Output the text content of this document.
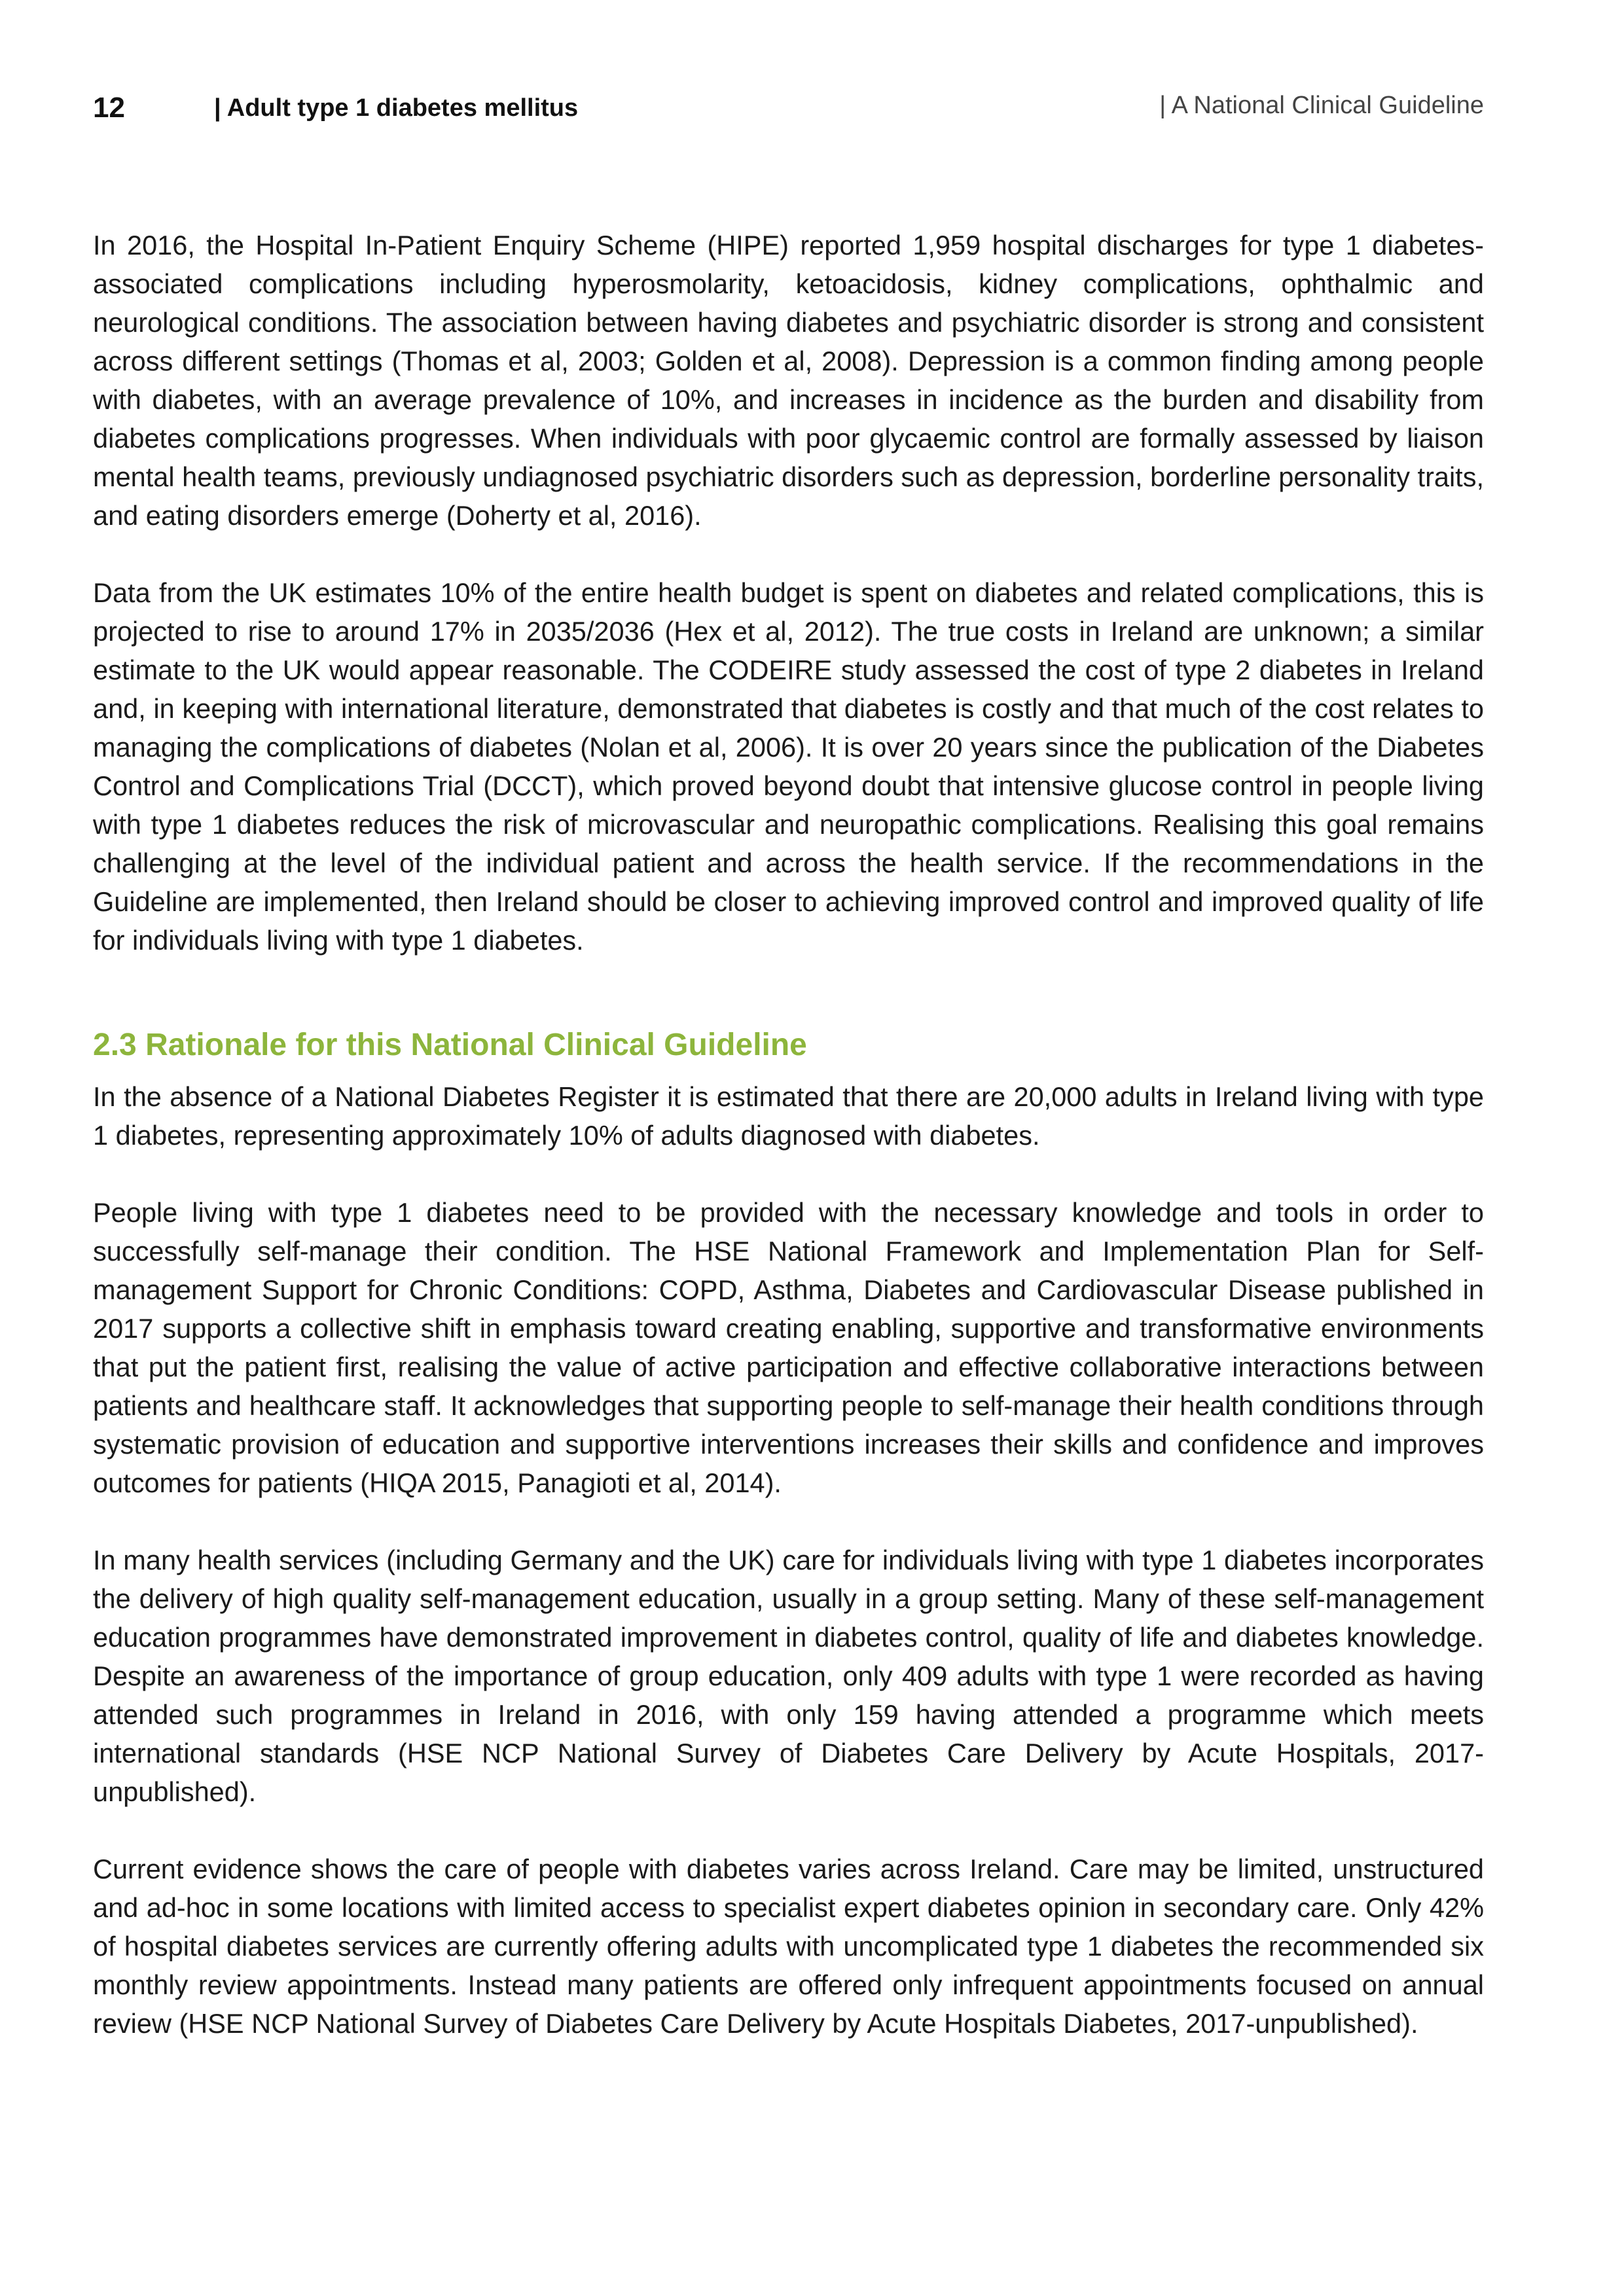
12	| Adult type 1 diabetes mellitus	| A National Clinical Guideline

In 2016, the Hospital In-Patient Enquiry Scheme (HIPE) reported 1,959 hospital discharges for type 1 diabetes-associated complications including hyperosmolarity, ketoacidosis, kidney complications, ophthalmic and neurological conditions. The association between having diabetes and psychiatric disorder is strong and consistent across different settings (Thomas et al, 2003; Golden et al, 2008). Depression is a common finding among people with diabetes, with an average prevalence of 10%, and increases in incidence as the burden and disability from diabetes complications progresses. When individuals with poor glycaemic control are formally assessed by liaison mental health teams, previously undiagnosed psychiatric disorders such as depression, borderline personality traits, and eating disorders emerge (Doherty et al, 2016).

Data from the UK estimates 10% of the entire health budget is spent on diabetes and related complications, this is projected to rise to around 17% in 2035/2036 (Hex et al, 2012). The true costs in Ireland are unknown; a similar estimate to the UK would appear reasonable. The CODEIRE study assessed the cost of type 2 diabetes in Ireland and, in keeping with international literature, demonstrated that diabetes is costly and that much of the cost relates to managing the complications of diabetes (Nolan et al, 2006). It is over 20 years since the publication of the Diabetes Control and Complications Trial (DCCT), which proved beyond doubt that intensive glucose control in people living with type 1 diabetes reduces the risk of microvascular and neuropathic complications. Realising this goal remains challenging at the level of the individual patient and across the health service. If the recommendations in the Guideline are implemented, then Ireland should be closer to achieving improved control and improved quality of life for individuals living with type 1 diabetes.

2.3 Rationale for this National Clinical Guideline

In the absence of a National Diabetes Register it is estimated that there are 20,000 adults in Ireland living with type 1 diabetes, representing approximately 10% of adults diagnosed with diabetes.

People living with type 1 diabetes need to be provided with the necessary knowledge and tools in order to successfully self-manage their condition. The HSE National Framework and Implementation Plan for Self-management Support for Chronic Conditions: COPD, Asthma, Diabetes and Cardiovascular Disease published in 2017 supports a collective shift in emphasis toward creating enabling, supportive and transformative environments that put the patient first, realising the value of active participation and effective collaborative interactions between patients and healthcare staff. It acknowledges that supporting people to self-manage their health conditions through systematic provision of education and supportive interventions increases their skills and confidence and improves outcomes for patients (HIQA 2015, Panagioti et al, 2014).

In many health services (including Germany and the UK) care for individuals living with type 1 diabetes incorporates the delivery of high quality self-management education, usually in a group setting. Many of these self-management education programmes have demonstrated improvement in diabetes control, quality of life and diabetes knowledge. Despite an awareness of the importance of group education, only 409 adults with type 1 were recorded as having attended such programmes in Ireland in 2016, with only 159 having attended a programme which meets international standards (HSE NCP National Survey of Diabetes Care Delivery by Acute Hospitals, 2017-unpublished).

Current evidence shows the care of people with diabetes varies across Ireland. Care may be limited, unstructured and ad-hoc in some locations with limited access to specialist expert diabetes opinion in secondary care. Only 42% of hospital diabetes services are currently offering adults with uncomplicated type 1 diabetes the recommended six monthly review appointments. Instead many patients are offered only infrequent appointments focused on annual review (HSE NCP National Survey of Diabetes Care Delivery by Acute Hospitals Diabetes, 2017-unpublished).
